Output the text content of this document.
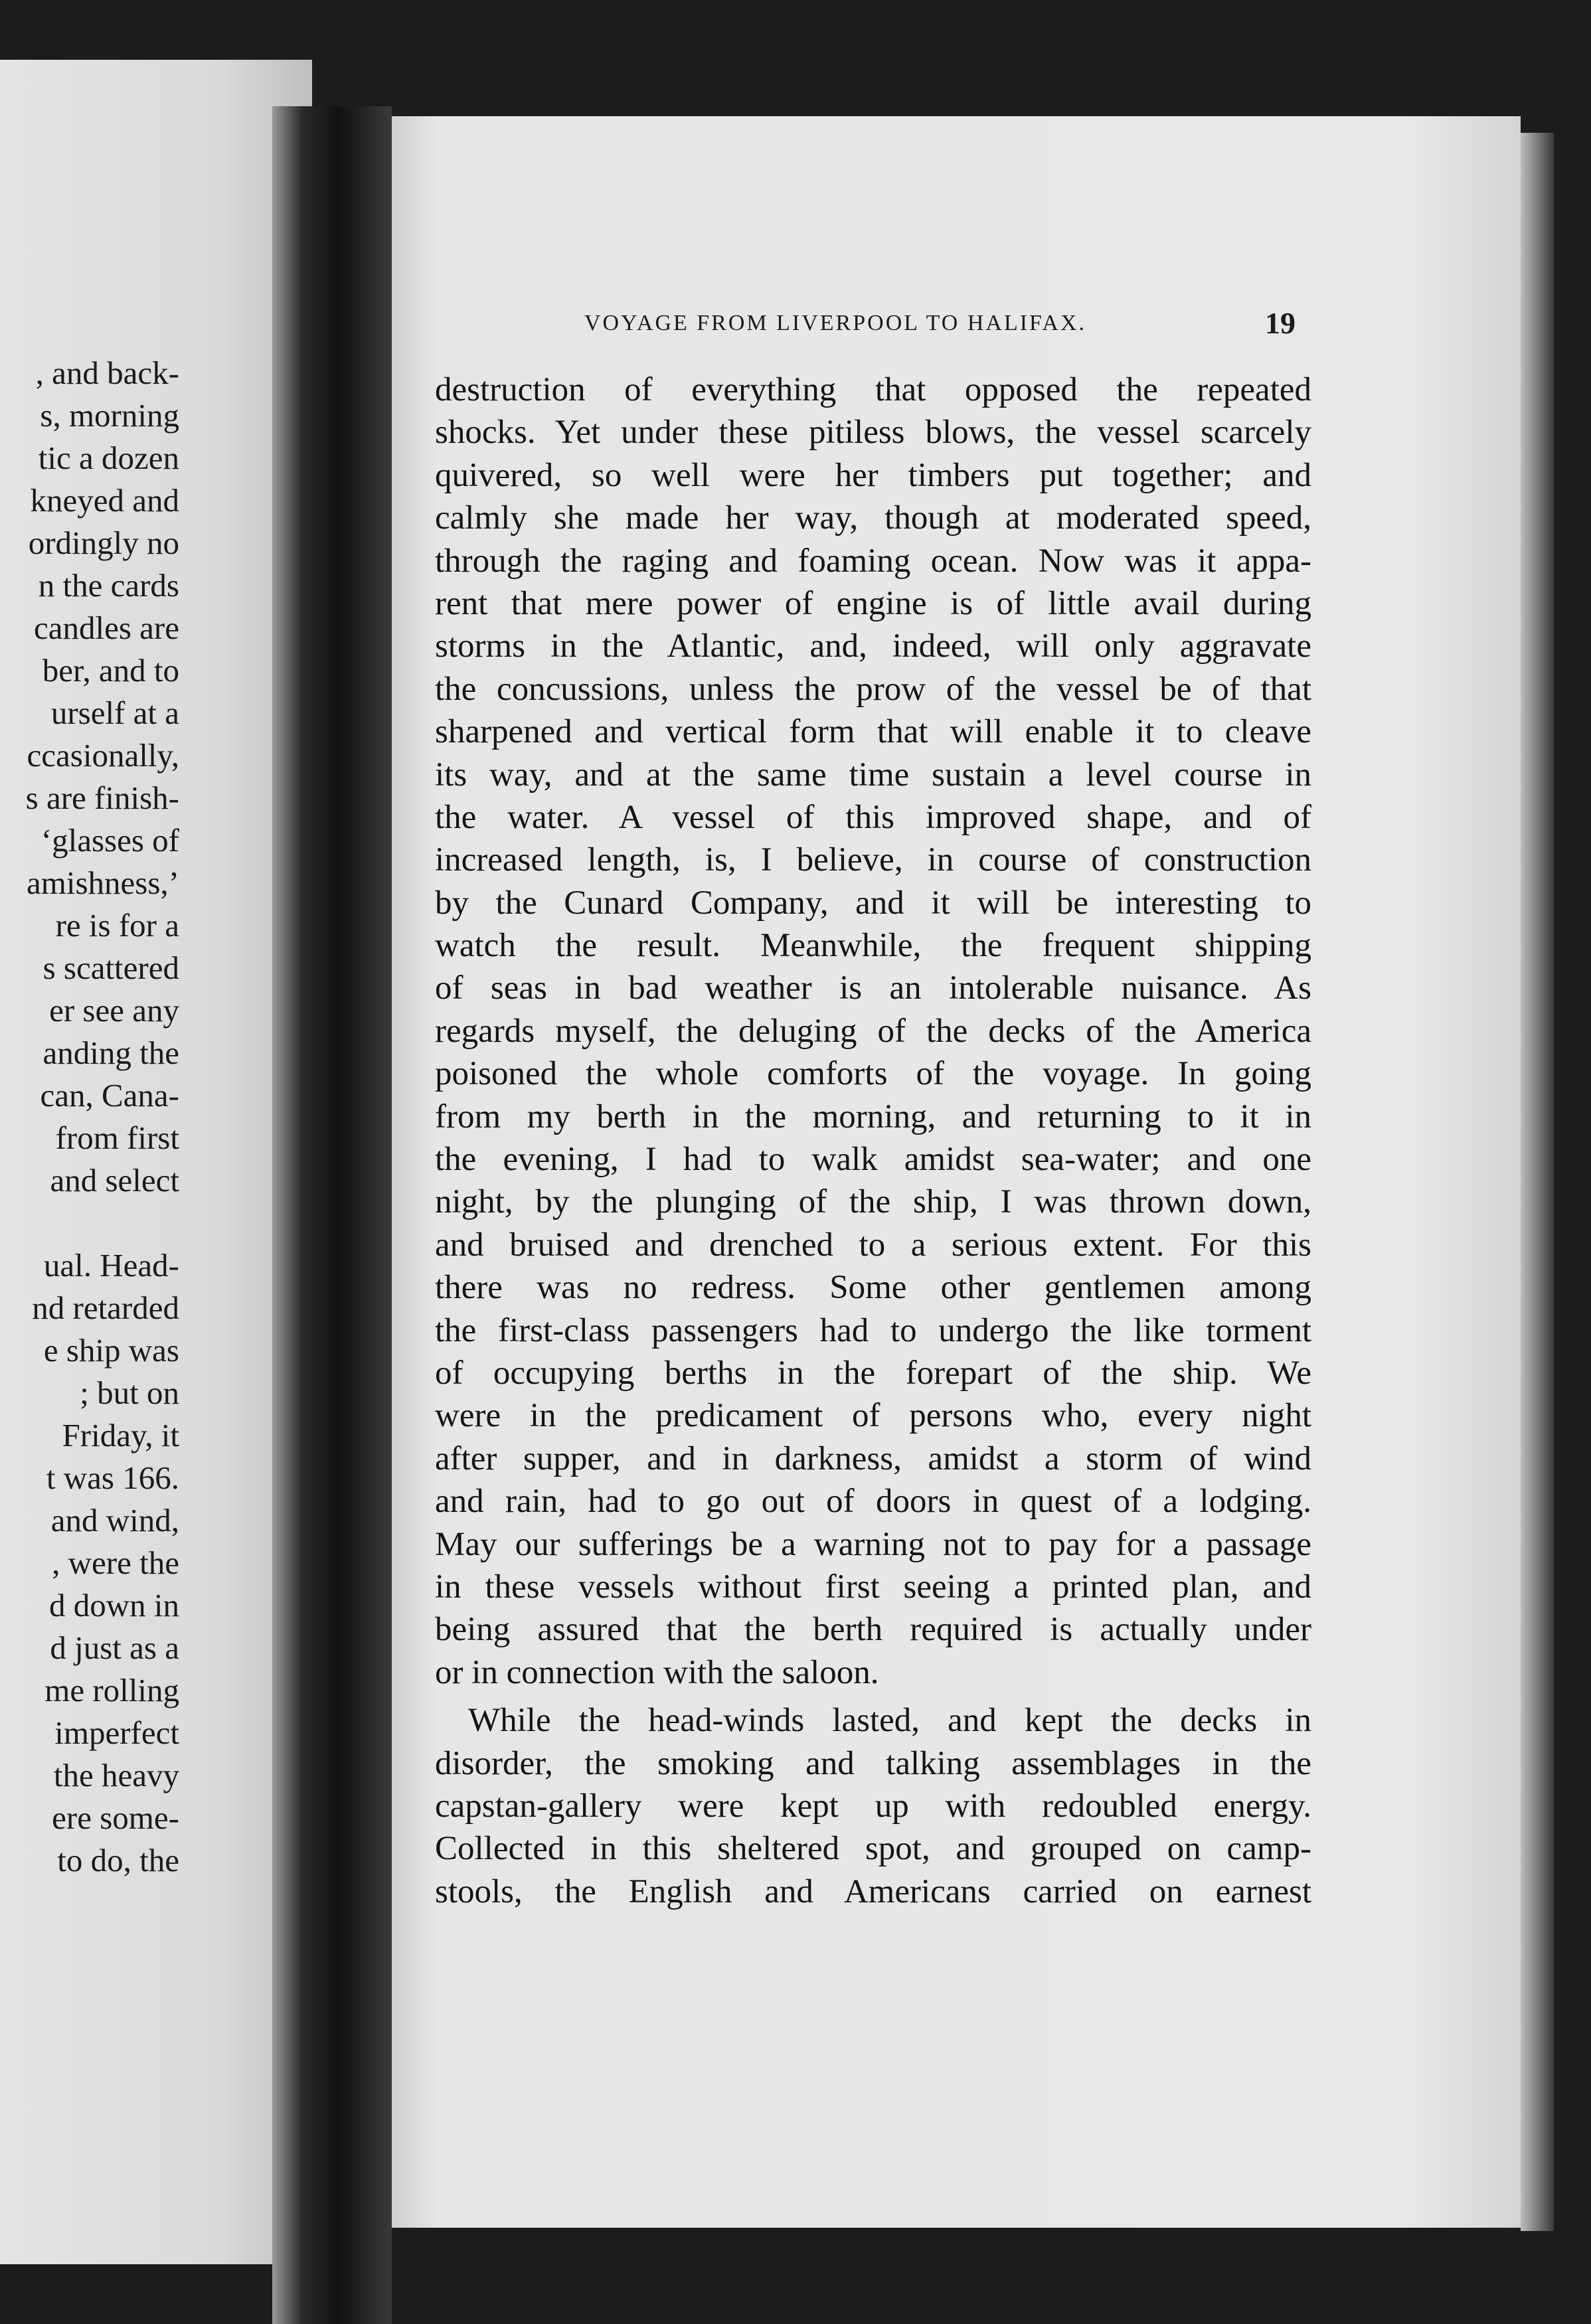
, and back-
s, morning
tic a dozen
kneyed and
ordingly no
n the cards
candles are
ber, and to
urself at a
ccasionally,
s are finish-
‘glasses of
amishness,’
re is for a
s scattered
er see any
anding the
can, Cana-
from first
and select
ual. Head-
nd retarded
e ship was
; but on
Friday, it
t was 166.
and wind,
, were the
d down in
d just as a
me rolling
imperfect
the heavy
ere some-
to do, the
VOYAGE FROM LIVERPOOL TO HALIFAX.	19
destruction of everything that opposed the repeated
shocks. Yet under these pitiless blows, the vessel scarcely
quivered, so well were her timbers put together; and
calmly she made her way, though at moderated speed,
through the raging and foaming ocean. Now was it appa-
rent that mere power of engine is of little avail during
storms in the Atlantic, and, indeed, will only aggravate
the concussions, unless the prow of the vessel be of that
sharpened and vertical form that will enable it to cleave
its way, and at the same time sustain a level course in
the water. A vessel of this improved shape, and of
increased length, is, I believe, in course of construction
by the Cunard Company, and it will be interesting to
watch the result. Meanwhile, the frequent shipping
of seas in bad weather is an intolerable nuisance. As
regards myself, the deluging of the decks of the America
poisoned the whole comforts of the voyage. In going
from my berth in the morning, and returning to it in
the evening, I had to walk amidst sea-water; and one
night, by the plunging of the ship, I was thrown down,
and bruised and drenched to a serious extent. For this
there was no redress. Some other gentlemen among
the first-class passengers had to undergo the like torment
of occupying berths in the forepart of the ship. We
were in the predicament of persons who, every night
after supper, and in darkness, amidst a storm of wind
and rain, had to go out of doors in quest of a lodging.
May our sufferings be a warning not to pay for a passage
in these vessels without first seeing a printed plan, and
being assured that the berth required is actually under
or in connection with the saloon.
While the head-winds lasted, and kept the decks in
disorder, the smoking and talking assemblages in the
capstan-gallery were kept up with redoubled energy.
Collected in this sheltered spot, and grouped on camp-
stools, the English and Americans carried on earnest
